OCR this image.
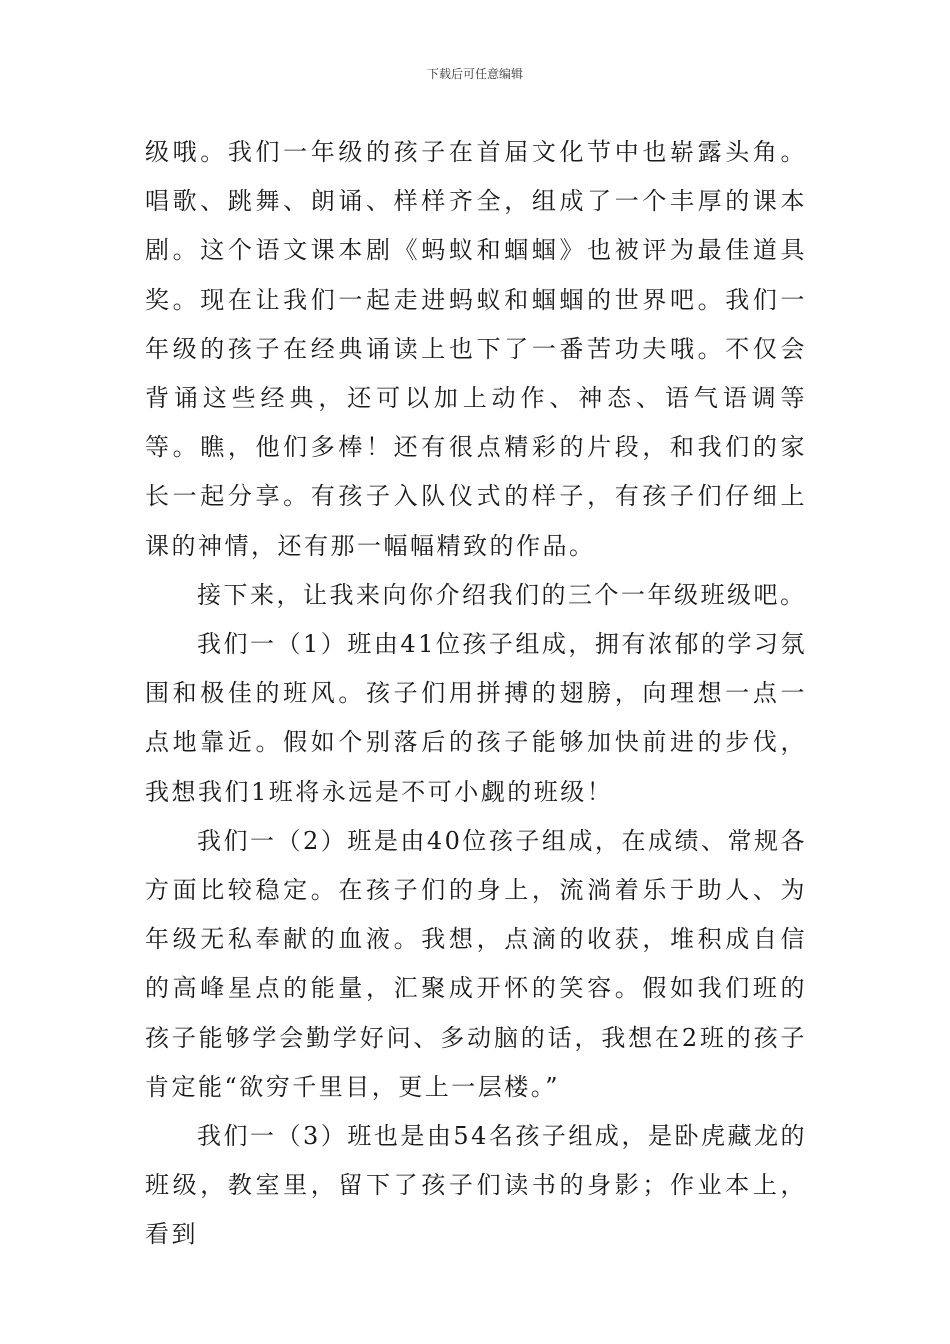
下载后可任意编辑

级哦。我们一年级的孩子在首届文化节中也崭露头角。唱歌、跳舞、朗诵、样样齐全，组成了一个丰厚的课本剧。这个语文课本剧《蚂蚁和蝈蝈》也被评为最佳道具奖。现在让我们一起走进蚂蚁和蝈蝈的世界吧。我们一年级的孩子在经典诵读上也下了一番苦功夫哦。不仅会背诵这些经典，还可以加上动作、神态、语气语调等等。瞧，他们多棒！还有很点精彩的片段，和我们的家长一起分享。有孩子入队仪式的样子，有孩子们仔细上课的神情，还有那一幅幅精致的作品。

接下来，让我来向你介绍我们的三个一年级班级吧。

我们一（1）班由41位孩子组成，拥有浓郁的学习氛围和极佳的班风。孩子们用拼搏的翅膀，向理想一点一点地靠近。假如个别落后的孩子能够加快前进的步伐，我想我们1班将永远是不可小觑的班级！

我们一（2）班是由40位孩子组成，在成绩、常规各方面比较稳定。在孩子们的身上，流淌着乐于助人、为年级无私奉献的血液。我想，点滴的收获，堆积成自信的高峰星点的能量，汇聚成开怀的笑容。假如我们班的孩子能够学会勤学好问、多动脑的话，我想在2班的孩子肯定能“欲穷千里目，更上一层楼。”

我们一（3）班也是由54名孩子组成，是卧虎藏龙的班级，教室里，留下了孩子们读书的身影；作业本上，看到
